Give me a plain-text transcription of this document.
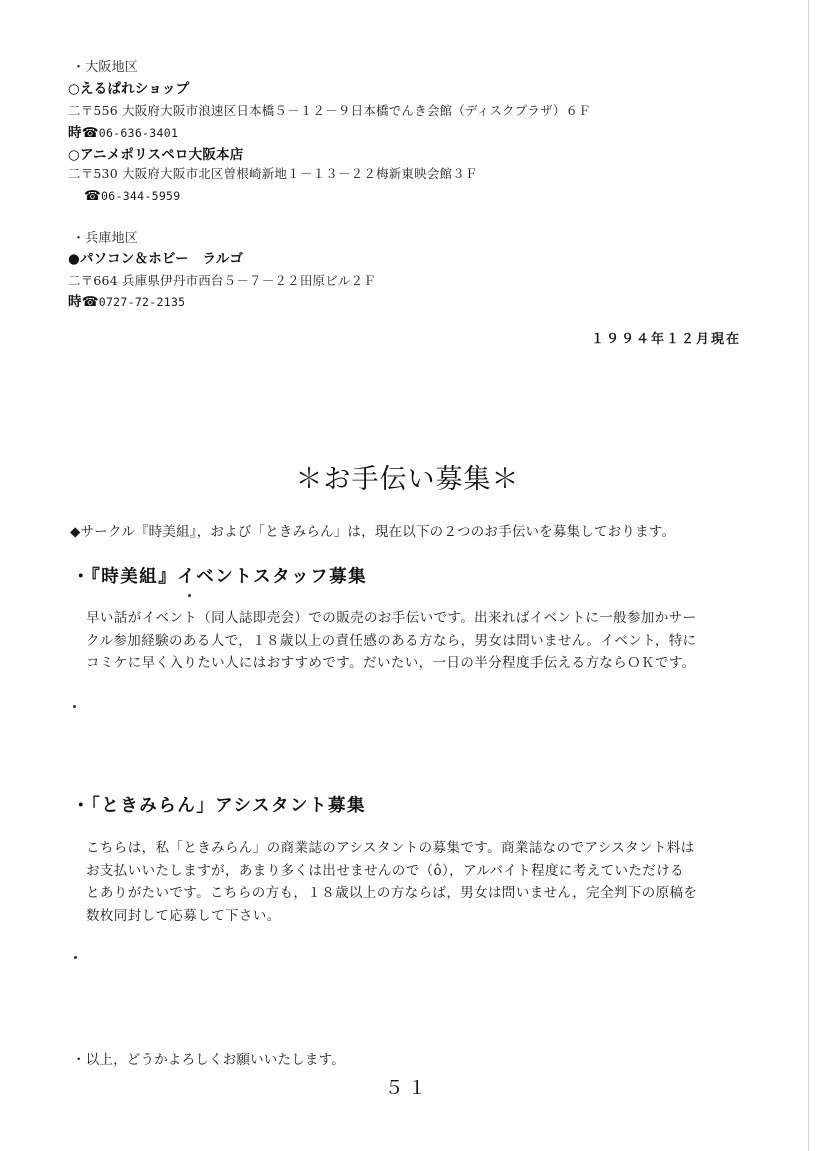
・大阪地区
○えるぱれショップ
二〒556 大阪府大阪市浪速区日本橋５－１２－９日本橋でんき会館（ディスクプラザ）６Ｆ
時☎06-636-3401
○アニメポリスペロ大阪本店
二〒530 大阪府大阪市北区曽根崎新地１－１３－２２梅新東映会館３Ｆ
☎06-344-5959
・兵庫地区
●パソコン＆ホビー　ラルゴ
二〒664 兵庫県伊丹市西台５－７－２２田原ビル２Ｆ
時☎0727-72-2135
１９９４年１２月現在
＊お手伝い募集＊
◆サークル『時美組』，および「ときみらん」は，現在以下の２つのお手伝いを募集しております。
・『時美組』イベントスタッフ募集
早い話がイベント（同人誌即売会）での販売のお手伝いです。出来ればイベントに一般参加かサー
クル参加経験のある人で，１８歳以上の責任感のある方なら，男女は問いません。イベント，特に
コミケに早く入りたい人にはおすすめです。だいたい，一日の半分程度手伝える方ならＯＫです。
・「ときみらん」アシスタント募集
こちらは，私「ときみらん」の商業誌のアシスタントの募集です。商業誌なのでアシスタント料は
お支払いいたしますが，あまり多くは出せませんので（ô），アルバイト程度に考えていただける
とありがたいです。こちらの方も，１８歳以上の方ならば，男女は問いません，完全判下の原稿を
数枚同封して応募して下さい。
・以上，どうかよろしくお願いいたします。
５１
